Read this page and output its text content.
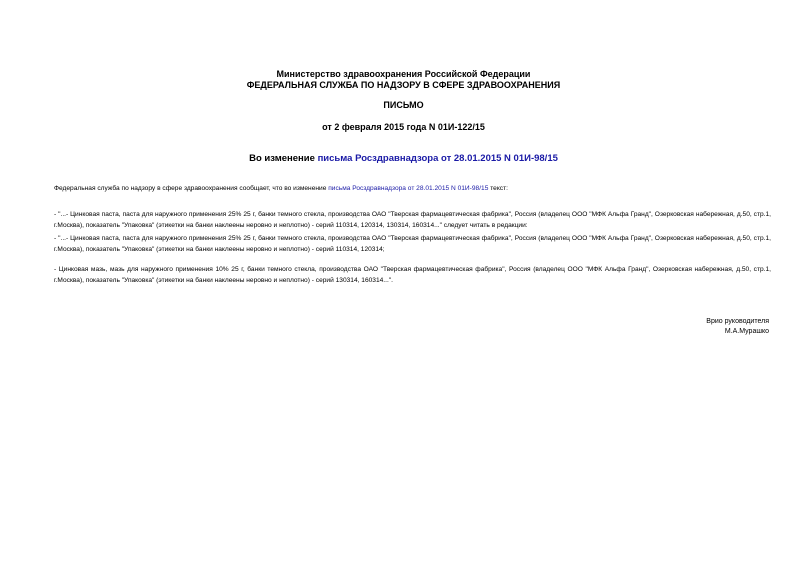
Министерство здравоохранения Российской Федерации
ФЕДЕРАЛЬНАЯ СЛУЖБА ПО НАДЗОРУ В СФЕРЕ ЗДРАВООХРАНЕНИЯ
ПИСЬМО
от 2 февраля 2015 года N 01И-122/15
Во изменение письма Росздравнадзора от 28.01.2015 N 01И-98/15
Федеральная служба по надзору в сфере здравоохранения сообщает, что во изменение письма Росздравнадзора от 28.01.2015 N 01И-98/15 текст:
- "...- Цинковая паста, паста для наружного применения 25% 25 г, банки темного стекла, производства ОАО "Тверская фармацевтическая фабрика", Россия (владелец ООО "МФК Альфа Гранд", Озерковская набережная, д.50, стр.1, г.Москва), показатель "Упаковка" (этикетки на банки наклеены неровно и неплотно) - серий 110314, 120314, 130314, 160314..." следует читать в редакции:
- "...- Цинковая паста, паста для наружного применения 25% 25 г, банки темного стекла, производства ОАО "Тверская фармацевтическая фабрика", Россия (владелец ООО "МФК Альфа Гранд", Озерковская набережная, д.50, стр.1, г.Москва), показатель "Упаковка" (этикетки на банки наклеены неровно и неплотно) - серий 110314, 120314;
- Цинковая мазь, мазь для наружного применения 10% 25 г, банки темного стекла, производства ОАО "Тверская фармацевтическая фабрика", Россия (владелец ООО "МФК Альфа Гранд", Озерковская набережная, д.50, стр.1, г.Москва), показатель "Упаковка" (этикетки на банки наклеены неровно и неплотно) - серий 130314, 160314...".
Врио руководителя
М.А.Мурашко
